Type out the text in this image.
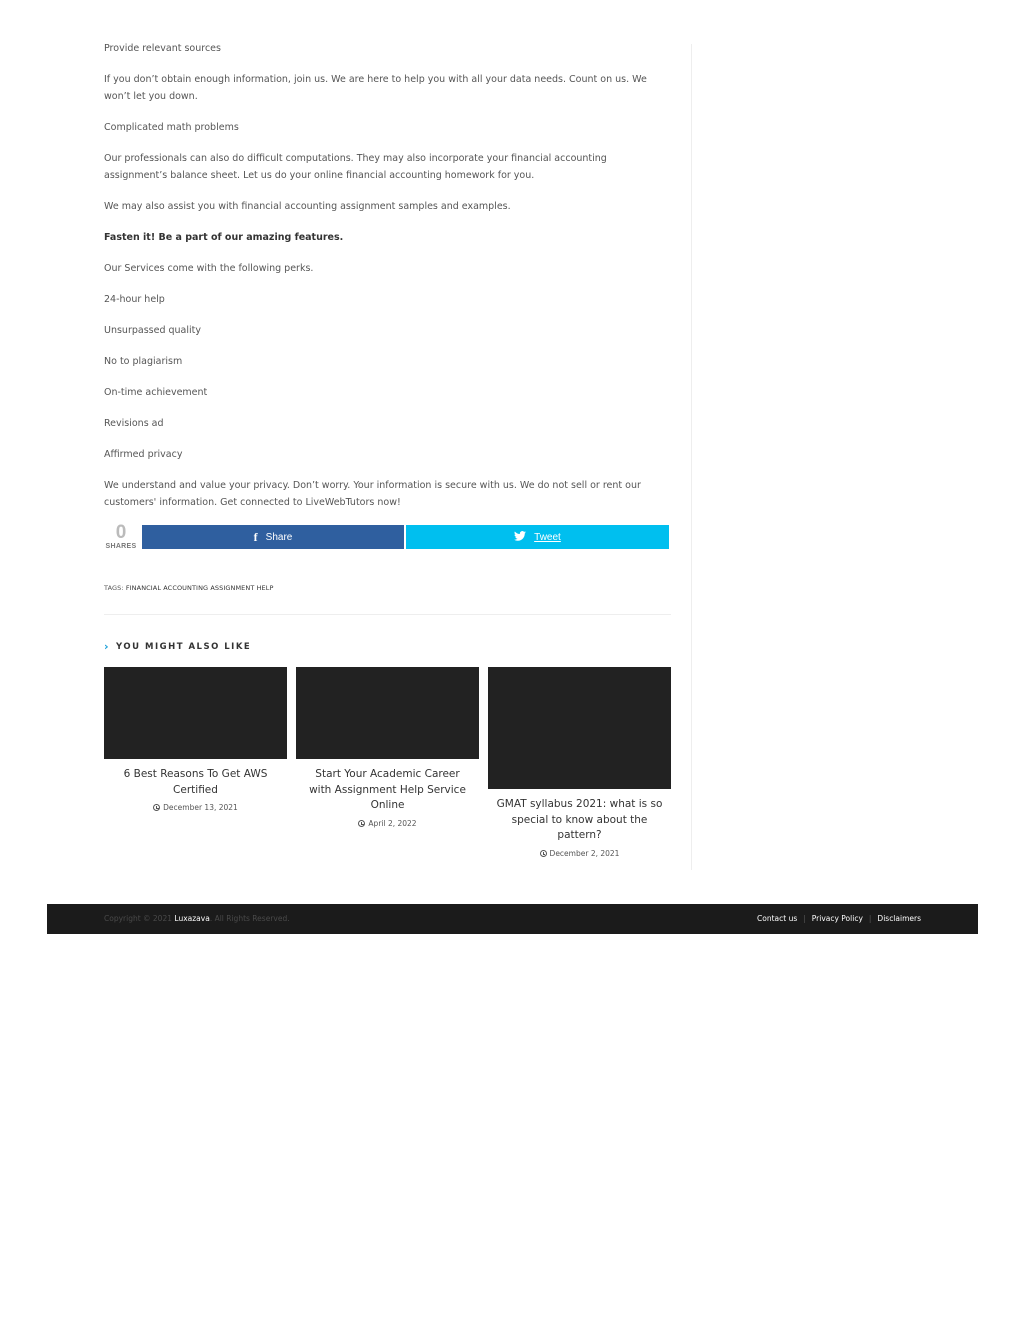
Provide relevant sources

If you don’t obtain enough information, join us. We are here to help you with all your data needs. Count on us. We won’t let you down.

Complicated math problems

Our professionals can also do difficult computations. They may also incorporate your financial accounting assignment’s balance sheet. Let us do your online financial accounting homework for you.

We may also assist you with financial accounting assignment samples and examples.

Fasten it! Be a part of our amazing features.

Our Services come with the following perks.

24-hour help

Unsurpassed quality

No to plagiarism

On-time achievement

Revisions ad

Affirmed privacy

We understand and value your privacy. Don’t worry. Your information is secure with us. We do not sell or rent our customers' information. Get connected to LiveWebTutors now!

0
SHARES
f Share	Tweet
TAGS: FINANCIAL ACCOUNTING ASSIGNMENT HELP
› YOU MIGHT ALSO LIKE
6 Best Reasons To Get AWS Certified
December 13, 2021
Start Your Academic Career with Assignment Help Service Online
April 2, 2022
GMAT syllabus 2021: what is so special to know about the pattern?
December 2, 2021
Copyright © 2021 Luxazava. All Rights Reserved.	Contact us | Privacy Policy | Disclaimers
